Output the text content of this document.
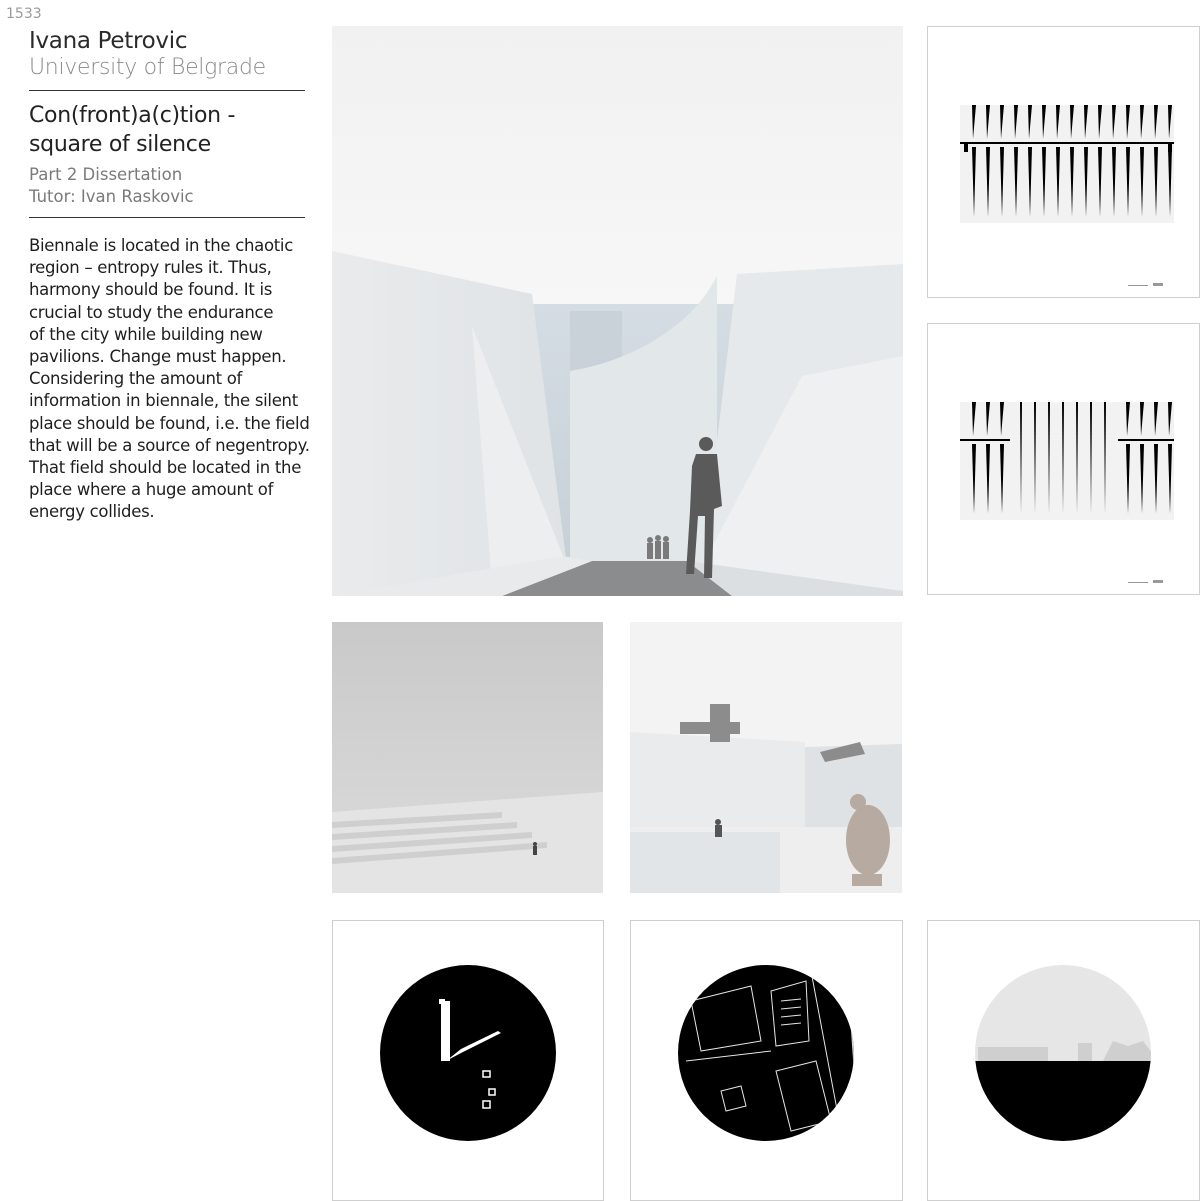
1533
Ivana Petrovic
University of Belgrade
Con(front)a(c)tion -
square of silence
Part 2 Dissertation
Tutor: Ivan Raskovic
Biennale is located in the chaotic
region – entropy rules it. Thus,
harmony should be found. It is
crucial to study the endurance
of the city while building new
pavilions. Change must happen.
Considering the amount of
information in biennale, the silent
place should be found, i.e. the field
that will be a source of negentropy.
That field should be located in the
place where a huge amount of
energy collides.
